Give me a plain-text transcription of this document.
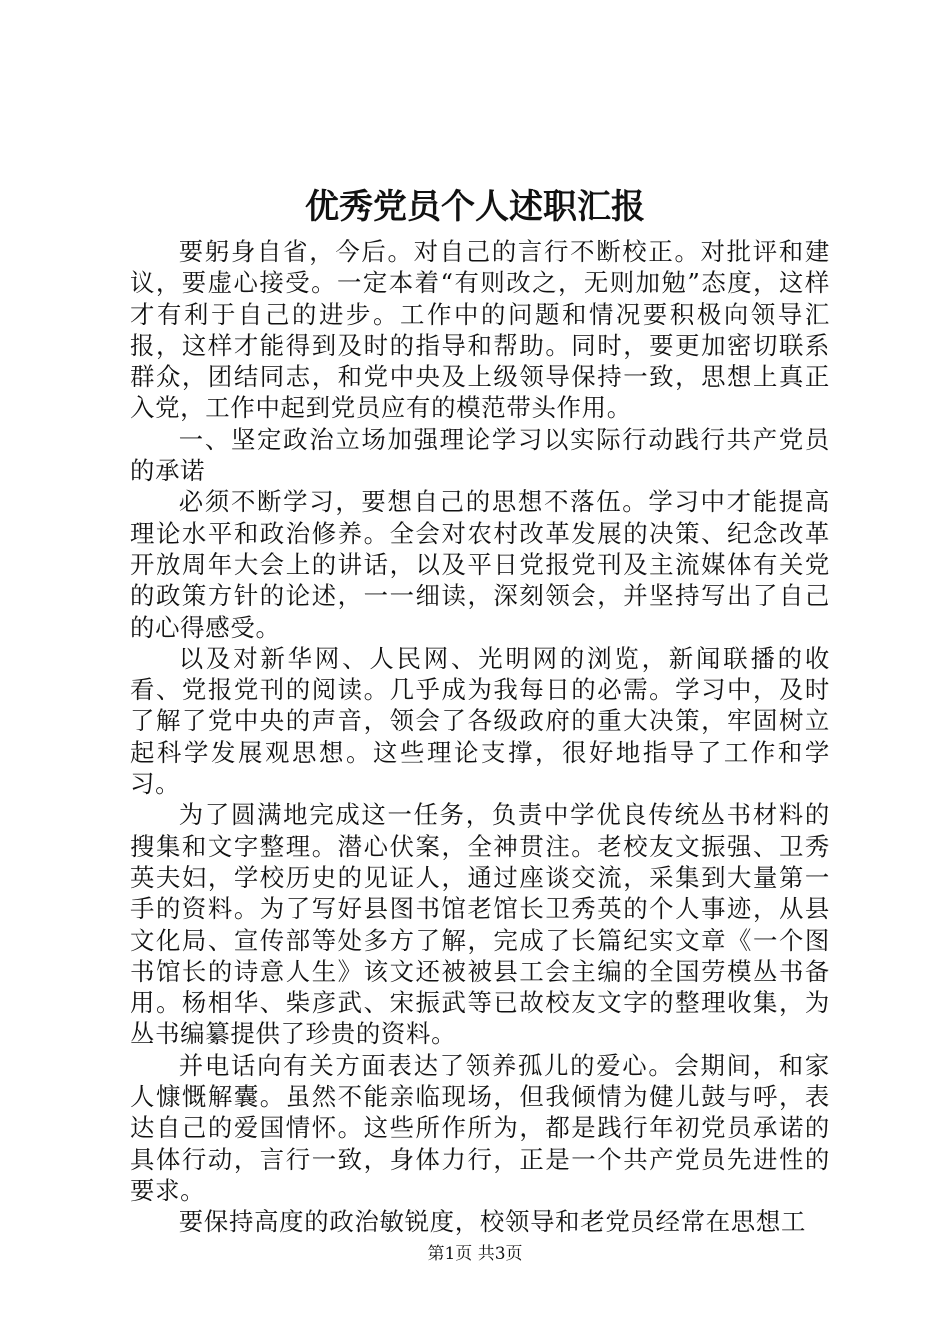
优秀党员个人述职汇报

要躬身自省，今后。对自己的言行不断校正。对批评和建议，要虚心接受。一定本着“有则改之，无则加勉”态度，这样才有利于自己的进步。工作中的问题和情况要积极向领导汇报，这样才能得到及时的指导和帮助。同时，要更加密切联系群众，团结同志，和党中央及上级领导保持一致，思想上真正入党，工作中起到党员应有的模范带头作用。

一、坚定政治立场加强理论学习以实际行动践行共产党员的承诺

必须不断学习，要想自己的思想不落伍。学习中才能提高理论水平和政治修养。全会对农村改革发展的决策、纪念改革开放周年大会上的讲话，以及平日党报党刊及主流媒体有关党的政策方针的论述，一一细读，深刻领会，并坚持写出了自己的心得感受。

以及对新华网、人民网、光明网的浏览，新闻联播的收看、党报党刊的阅读。几乎成为我每日的必需。学习中，及时了解了党中央的声音，领会了各级政府的重大决策，牢固树立起科学发展观思想。这些理论支撑，很好地指导了工作和学习。

为了圆满地完成这一任务，负责中学优良传统丛书材料的搜集和文字整理。潜心伏案，全神贯注。老校友文振强、卫秀英夫妇，学校历史的见证人，通过座谈交流，采集到大量第一手的资料。为了写好县图书馆老馆长卫秀英的个人事迹，从县文化局、宣传部等处多方了解，完成了长篇纪实文章《一个图书馆长的诗意人生》该文还被被县工会主编的全国劳模丛书备用。杨相华、柴彦武、宋振武等已故校友文字的整理收集，为丛书编纂提供了珍贵的资料。

并电话向有关方面表达了领养孤儿的爱心。会期间，和家人慷慨解囊。虽然不能亲临现场，但我倾情为健儿鼓与呼，表达自己的爱国情怀。这些所作所为，都是践行年初党员承诺的具体行动，言行一致，身体力行，正是一个共产党员先进性的要求。

要保持高度的政治敏锐度，校领导和老党员经常在思想工

第1页 共3页
